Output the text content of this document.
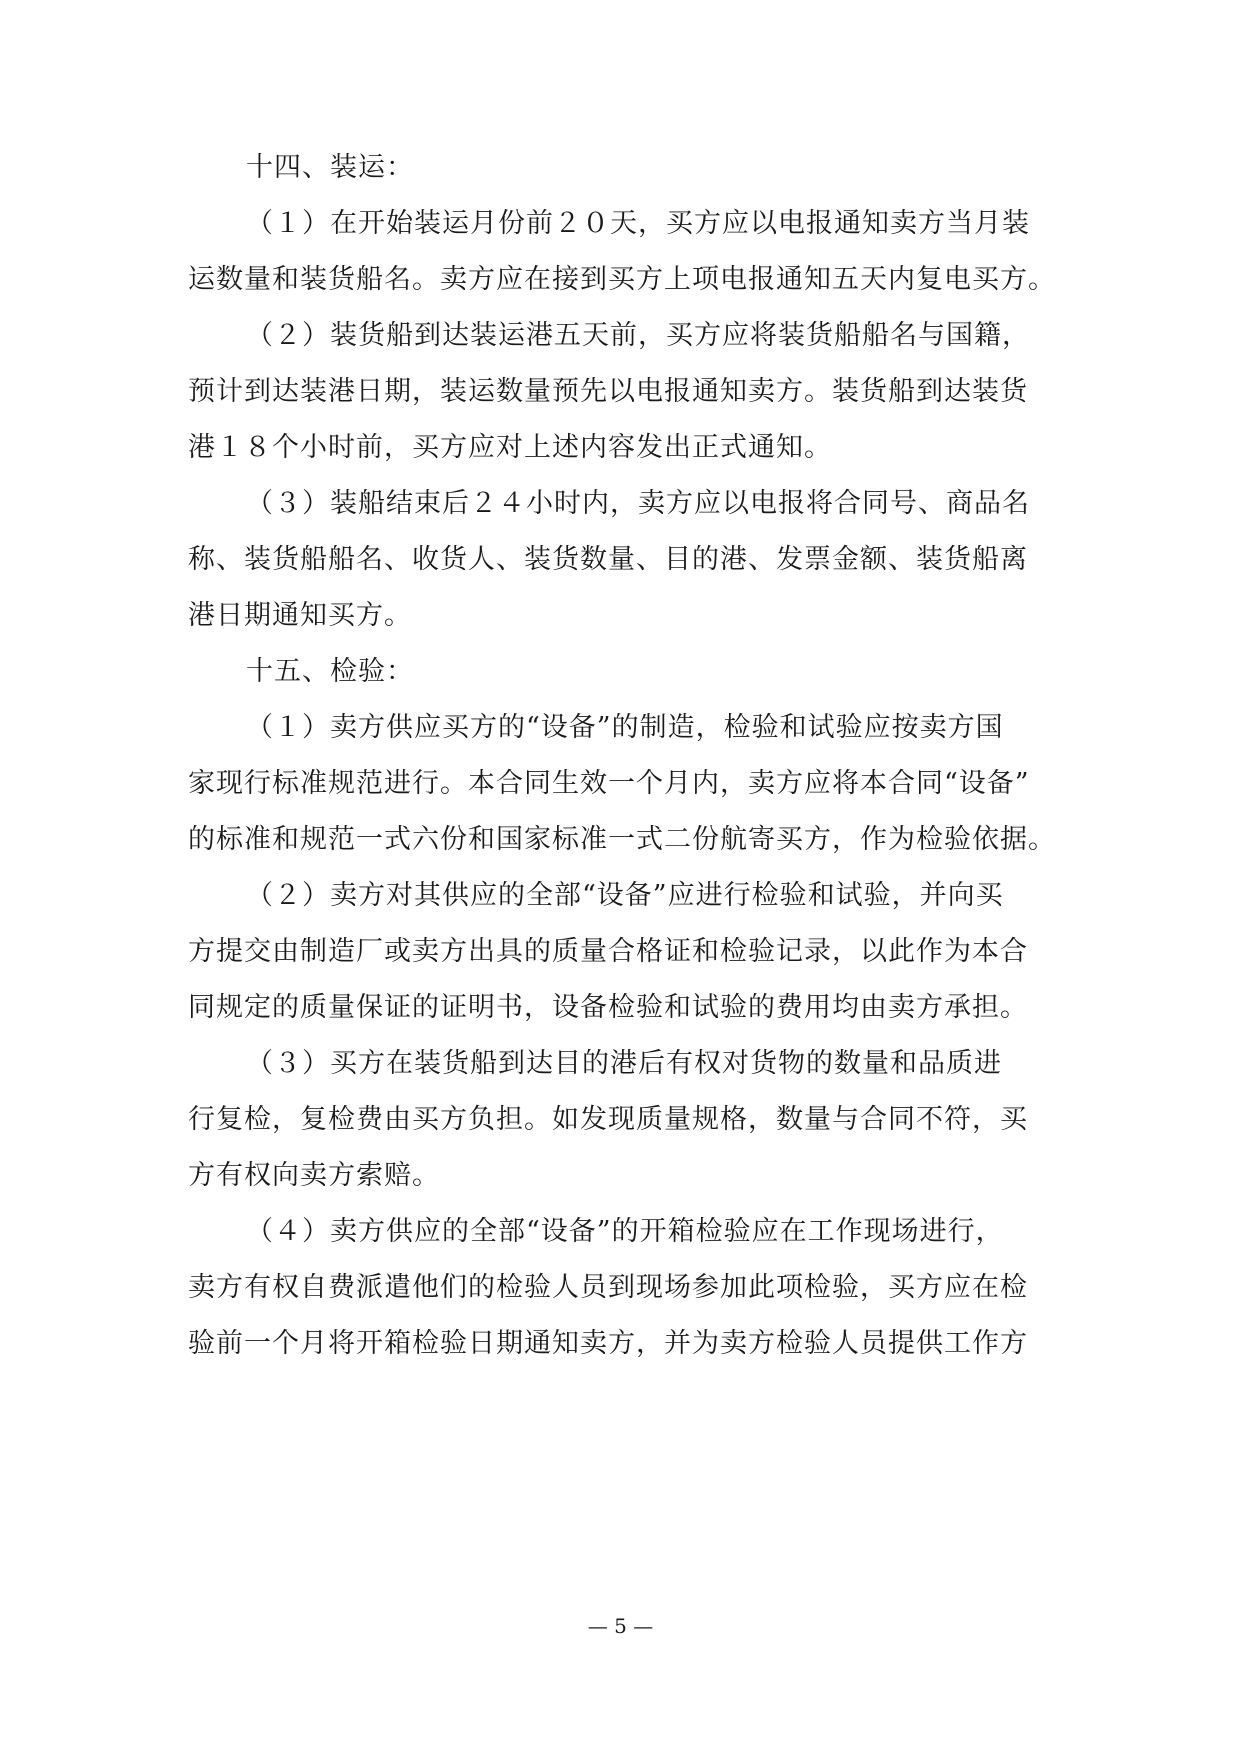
十四、装运：
（１）在开始装运月份前２０天，买方应以电报通知卖方当月装
运数量和装货船名。卖方应在接到买方上项电报通知五天内复电买方。
（２）装货船到达装运港五天前，买方应将装货船船名与国籍，
预计到达装港日期，装运数量预先以电报通知卖方。装货船到达装货
港１８个小时前，买方应对上述内容发出正式通知。
（３）装船结束后２４小时内，卖方应以电报将合同号、商品名
称、装货船船名、收货人、装货数量、目的港、发票金额、装货船离
港日期通知买方。
十五、检验：
（１）卖方供应买方的“设备”的制造，检验和试验应按卖方国
家现行标准规范进行。本合同生效一个月内，卖方应将本合同“设备”
的标准和规范一式六份和国家标准一式二份航寄买方，作为检验依据。
（２）卖方对其供应的全部“设备”应进行检验和试验，并向买
方提交由制造厂或卖方出具的质量合格证和检验记录，以此作为本合
同规定的质量保证的证明书，设备检验和试验的费用均由卖方承担。
（３）买方在装货船到达目的港后有权对货物的数量和品质进
行复检，复检费由买方负担。如发现质量规格，数量与合同不符，买
方有权向卖方索赔。
（４）卖方供应的全部“设备”的开箱检验应在工作现场进行，
卖方有权自费派遣他们的检验人员到现场参加此项检验，买方应在检
验前一个月将开箱检验日期通知卖方，并为卖方检验人员提供工作方
— 5 —
